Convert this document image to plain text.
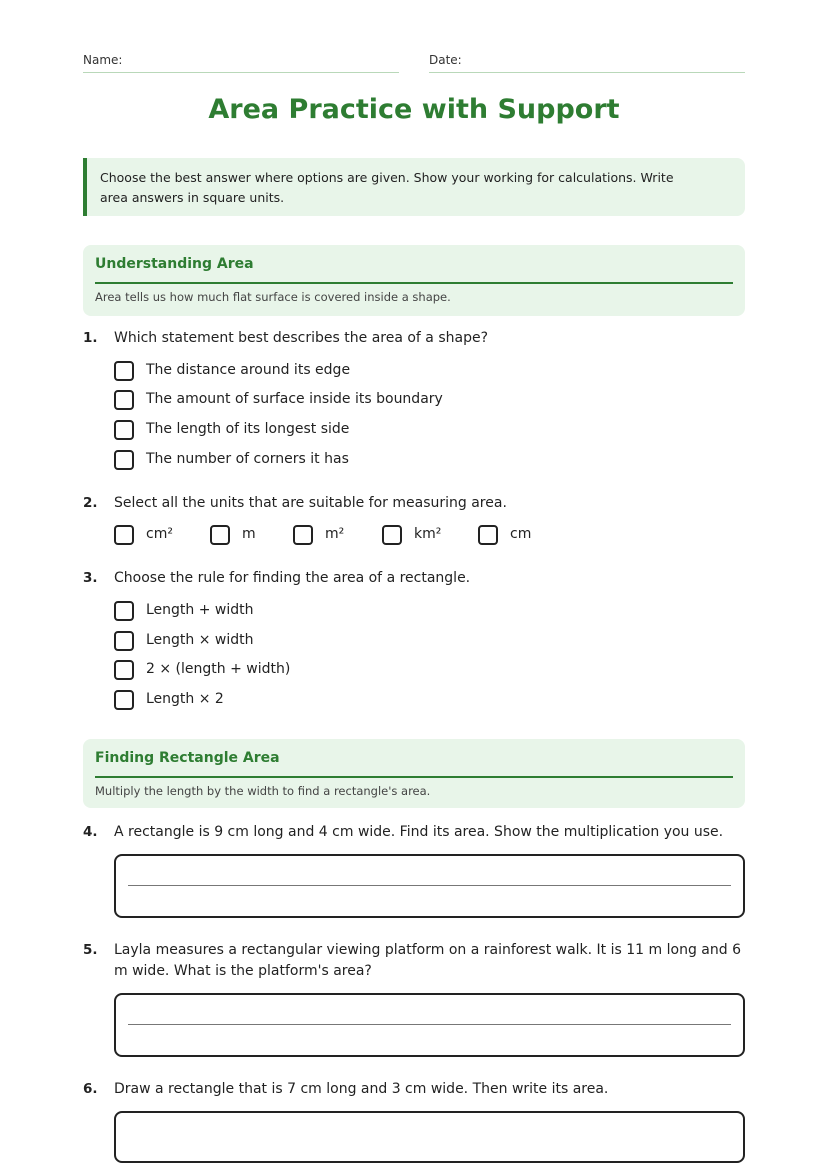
Name:	Date:
Area Practice with Support
Choose the best answer where options are given. Show your working for calculations. Write area answers in square units.
Understanding Area
Area tells us how much flat surface is covered inside a shape.
1. Which statement best describes the area of a shape?
The distance around its edge
The amount of surface inside its boundary
The length of its longest side
The number of corners it has
2. Select all the units that are suitable for measuring area.
cm²	m	m²	km²	cm
3. Choose the rule for finding the area of a rectangle.
Length + width
Length × width
2 × (length + width)
Length × 2
Finding Rectangle Area
Multiply the length by the width to find a rectangle's area.
4. A rectangle is 9 cm long and 4 cm wide. Find its area. Show the multiplication you use.
5. Layla measures a rectangular viewing platform on a rainforest walk. It is 11 m long and 6 m wide. What is the platform's area?
6. Draw a rectangle that is 7 cm long and 3 cm wide. Then write its area.
